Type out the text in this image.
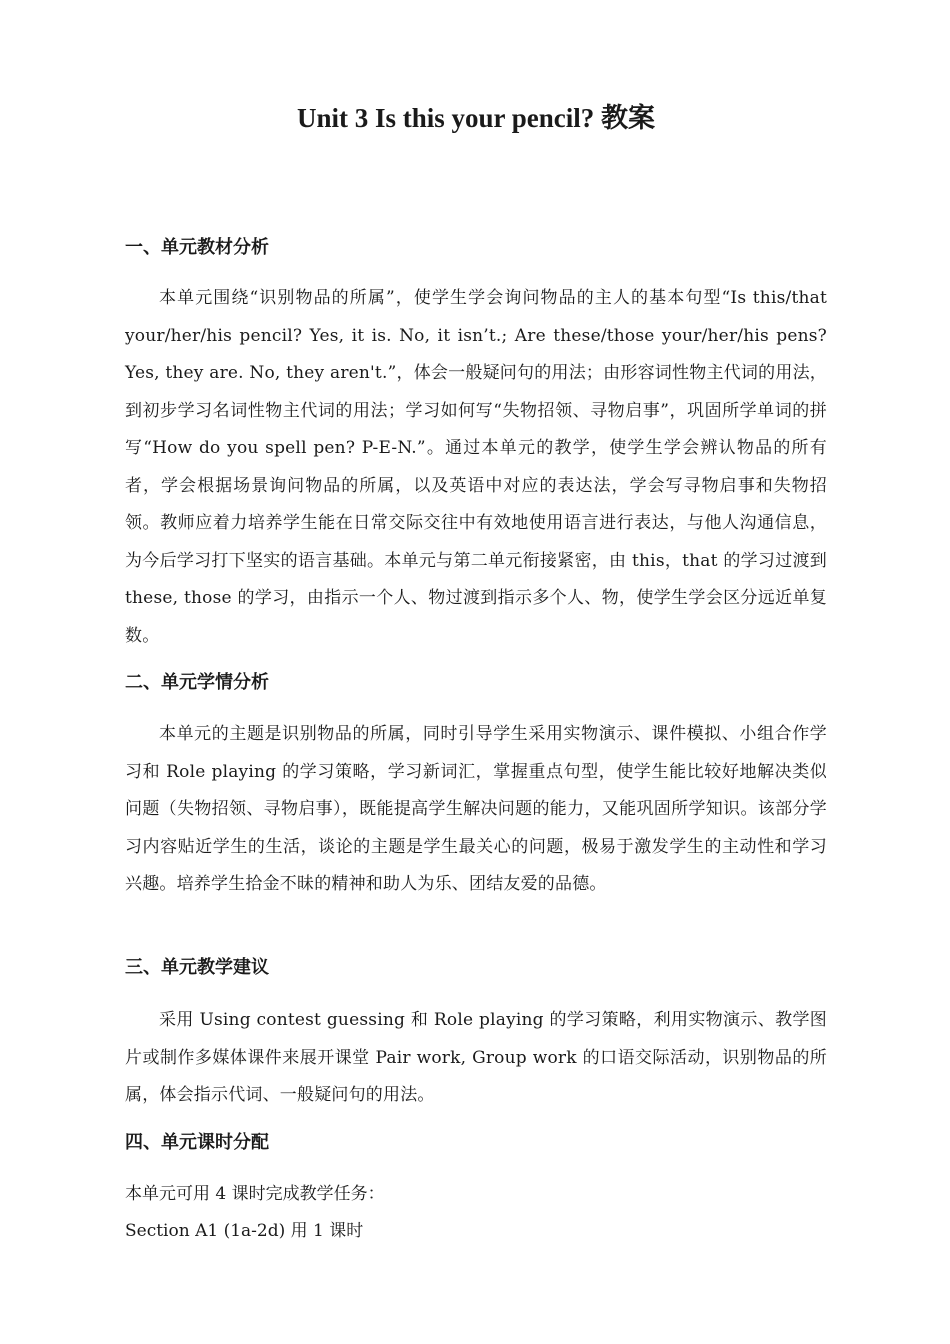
Unit 3 Is this your pencil? 教案
一、单元教材分析

本单元围绕“识别物品的所属”，使学生学会询问物品的主人的基本句型“Is this/that your/her/his pencil? Yes, it is. No, it isn’t.; Are these/those your/her/his pens? Yes, they are. No, they aren't.”，体会一般疑问句的用法；由形容词性物主代词的用法，到初步学习名词性物主代词的用法；学习如何写“失物招领、寻物启事”，巩固所学单词的拼写“How do you spell pen? P-E-N.”。通过本单元的教学，使学生学会辨认物品的所有者，学会根据场景询问物品的所属，以及英语中对应的表达法，学会写寻物启事和失物招领。教师应着力培养学生能在日常交际交往中有效地使用语言进行表达，与他人沟通信息，为今后学习打下坚实的语言基础。本单元与第二单元衔接紧密，由 this，that 的学习过渡到 these, those 的学习，由指示一个人、物过渡到指示多个人、物，使学生学会区分远近单复数。

二、单元学情分析

本单元的主题是识别物品的所属，同时引导学生采用实物演示、课件模拟、小组合作学习和 Role playing 的学习策略，学习新词汇，掌握重点句型，使学生能比较好地解决类似问题（失物招领、寻物启事），既能提高学生解决问题的能力，又能巩固所学知识。该部分学习内容贴近学生的生活，谈论的主题是学生最关心的问题，极易于激发学生的主动性和学习兴趣。培养学生拾金不昧的精神和助人为乐、团结友爱的品德。

三、单元教学建议

采用 Using contest guessing 和 Role playing 的学习策略，利用实物演示、教学图片或制作多媒体课件来展开课堂 Pair work, Group work 的口语交际活动，识别物品的所属，体会指示代词、一般疑问句的用法。

四、单元课时分配

本单元可用 4 课时完成教学任务：

Section A1 (1a-2d) 用 1 课时
